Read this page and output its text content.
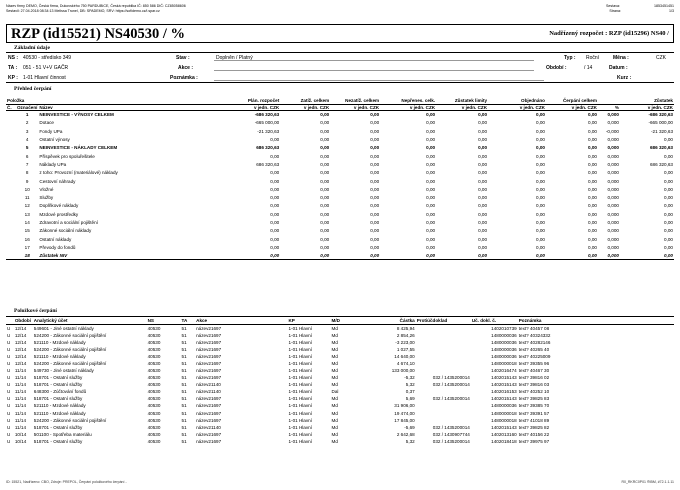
Název firmy DEMO, Česká firma, Dukovského 750 PARDUBICE, Česká republika IČ: 850 586 DIČ: CZ85058606
Sestavil: 27.04.2018 08:34:13 Melissa Trunel, DB: SPADEMO, SRV: https://sofidemo.cz/i.spar.cz
Sestava:	1853451451
Strana:	1/3
RZP (id15521) NS40530 / %	Nadřízený rozpočet : RZP (id15296) NS40 /
Základní údaje
NS : 40530 - středisko 349
TA : 051 - 51 V+V GAČR
KP : 1-01 Hlavní činnost
Stav :	Doplněn / Platný
Akce :
Poznámka :
Typ : Roční
Období :	/ 14
Měna :	CZK
Datum :
Kurz :
Přehled čerpání
Položka			Plán. rozpočet	Zatíž. celkem	Nezatíž. celkem	Nepřenes. celk.	Zůstatek limity	Objednáno	Čerpání celkem		Zůstatek
Č.	Označení	Název	v jedn. CZK	v jedn. CZK	v jedn. CZK	v jedn. CZK	v jedn. CZK	v jedn. CZK	v jedn. CZK	%	v jedn. CZK
	1	NEINVESTICE - VÝNOSY CELKEM	-686 320,63	0,00	0,00	0,00	0,00	0,00	0,00	0,000	-686 320,63
	2	Dotace	-665 000,00	0,00	0,00	0,00	0,00	0,00	0,00	0,000	-665 000,00
	3	Fondy UPa	-21 320,63	0,00	0,00	0,00	0,00	0,00	0,00	-0,000	-21 320,63
	4	Ostatní výnosy	0,00	0,00	0,00	0,00	0,00	0,00	0,00	0,000	0,00
	5	NEINVESTICE - NÁKLADY CELKEM	686 320,63	0,00	0,00	0,00	0,00	0,00	0,00	0,000	686 320,63
	6	Příspěvek pro spoluřešitele	0,00	0,00	0,00	0,00	0,00	0,00	0,00	0,000	0,00
	7	Náklady UPa	686 320,63	0,00	0,00	0,00	0,00	0,00	0,00	0,000	686 320,63
	8	z toho: Provozní (materiálové) náklady	0,00	0,00	0,00	0,00	0,00	0,00	0,00	0,000	0,00
	9	Cestovní náhrady	0,00	0,00	0,00	0,00	0,00	0,00	0,00	0,000	0,00
	10	Vložné	0,00	0,00	0,00	0,00	0,00	0,00	0,00	0,000	0,00
	11	Služby	0,00	0,00	0,00	0,00	0,00	0,00	0,00	0,000	0,00
	12	Doplňkové náklady	0,00	0,00	0,00	0,00	0,00	0,00	0,00	0,000	0,00
	13	Mzdové prostředky	0,00	0,00	0,00	0,00	0,00	0,00	0,00	0,000	0,00
	14	Zdravotní a sociální pojištění	0,00	0,00	0,00	0,00	0,00	0,00	0,00	0,000	0,00
	15	Zákonné sociální náklady	0,00	0,00	0,00	0,00	0,00	0,00	0,00	0,000	0,00
	16	Ostatní náklady	0,00	0,00	0,00	0,00	0,00	0,00	0,00	0,000	0,00
	17	Převody do fondů	0,00	0,00	0,00	0,00	0,00	0,00	0,00	0,000	0,00
	18	Zůstatek NIV	0,00	0,00	0,00	0,00	0,00	0,00	0,00	0,000	0,00
Položkové čerpání
	Období	Analytický účet	NS	TA	Akce	KP	M/D	Částka	Protiúčdoklad	Uč. dokl. č.	Poznámka
U	12/14	549601 - Jiné ostatní náklady	40530	51	název21697	1-01 Hlavní	Md	8 425,94		1402010739	text? 40457 08
U	12/14	524200 - Zákonné sociální pojištění	40530	51	název21697	1-01 Hlavní	Md	2 854,26		1480000036	text? 40324332
U	12/14	521110 - Mzdové náklady	40530	51	název21697	1-01 Hlavní	Md	-3 223,00		1480000036	text? 40282146
U	12/14	524200 - Zákonné sociální pojištění	40530	51	název21697	1-01 Hlavní	Md	1 027,55		1480000036	text? 40265 40
U	12/14	521110 - Mzdové náklady	40530	51	název21697	1-01 Hlavní	Md	14 640,00		1480000036	text? 40225009
U	12/14	524200 - Zákonné sociální pojištění	40530	51	název21697	1-01 Hlavní	Md	4 674,10		1480000018	text? 39355 96
U	11/14	549730 - Jiné ostatní náklady	40530	51	název21697	1-01 Hlavní	Md	133 000,00		1402016474	text? 40467 30
U	11/14	518701 - Ostatní služby	40530	51	název21697	1-01 Hlavní	Md	-5,32	032 / 1435200014	1402015143	text? 39816 02
U	11/14	518701 - Ostatní služby	40530	51	název21140	1-01 Hlavní	Md	5,32	032 / 1435200014	1402015143	text? 39816 03
U	11/14	648300 - Zúčtování fondů	40530	51	název21140	1-01 Hlavní	Dal	0,37		1402016153	text? 40252 10
U	11/14	518701 - Ostatní služby	40530	51	název21697	1-01 Hlavní	Md	5,69	032 / 1435200014	1402015143	text? 39825 83
U	11/14	521110 - Mzdové náklady	40530	51	název21697	1-01 Hlavní	Md	31 906,00		1480000036	text? 39385 70
U	11/14	521110 - Mzdové náklady	40530	51	název21697	1-01 Hlavní	Md	19 474,00		1480000018	text? 39391 57
U	11/14	524200 - Zákonné sociální pojištění	40530	51	název21697	1-01 Hlavní	Md	17 845,00		1480000018	text? 41018 89
U	11/14	518701 - Ostatní služby	40530	51	název21140	1-01 Hlavní	Md	-5,69	032 / 1435200014	1402015143	text? 39825 82
U	10/14	501100 - Spotřeba materiálu	40530	51	název21697	1-01 Hlavní	Md	2 642,68	032 / 1430907744	1402013160	text? 40156 22
U	10/14	518701 - Ostatní služby	40530	51	název21697	1-01 Hlavní	Md	5,32	032 / 1435200014	1402018418	text? 39975 97
ID: 15521, Nadřízeno: CBO, Zdroje: PREPOL, Čerpání položkového čerpání -	R0_RKRC0P01 ®IBM, #72.1.1.11
